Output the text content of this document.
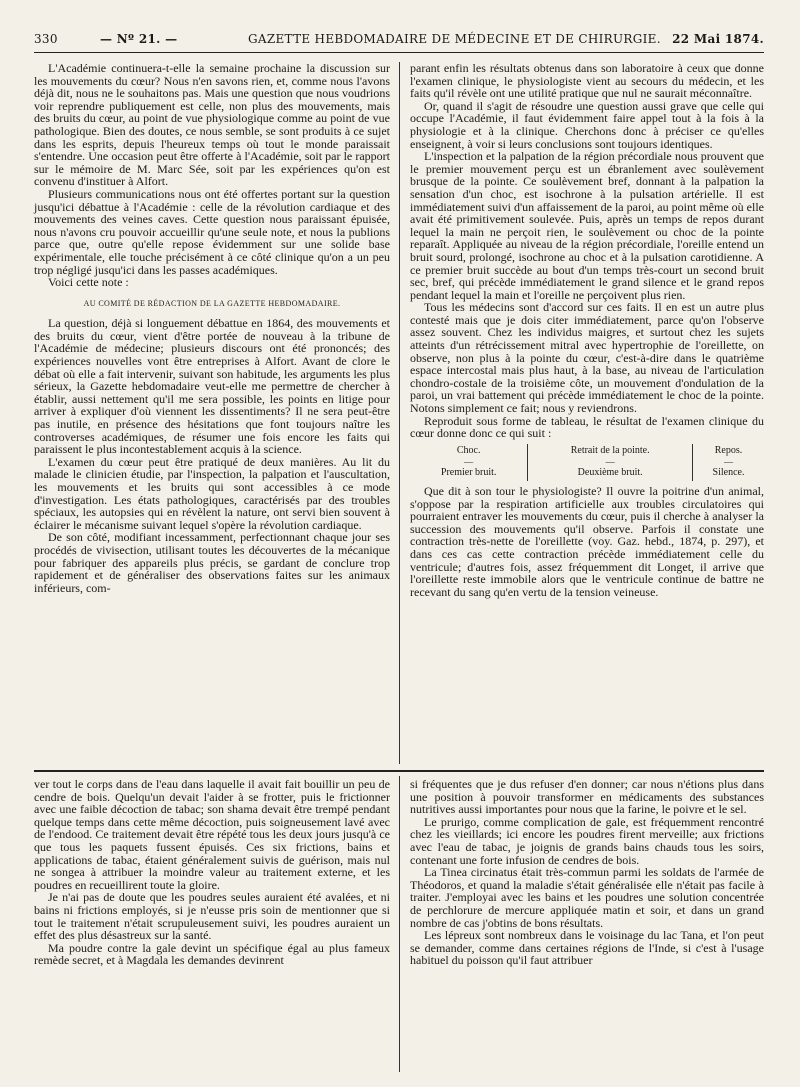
330	— Nº 21. —	GAZETTE HEBDOMADAIRE DE MÉDECINE ET DE CHIRURGIE. 22 Mai 1874.

L'Académie continuera-t-elle la semaine prochaine la discussion sur les mouvements du cœur? Nous n'en savons rien, et, comme nous l'avons déjà dit, nous ne le souhaitons pas. Mais une question que nous voudrions voir reprendre publiquement est celle, non plus des mouvements, mais des bruits du cœur, au point de vue physiologique comme au point de vue pathologique. Bien des doutes, ce nous semble, se sont produits à ce sujet dans les esprits, depuis l'heureux temps où tout le monde paraissait s'entendre. Une occasion peut être offerte à l'Académie, soit par le rapport sur le mémoire de M. Marc Sée, soit par les expériences qu'on est convenu d'instituer à Alfort.

Plusieurs communications nous ont été offertes portant sur la question jusqu'ici débattue à l'Académie : celle de la révolution cardiaque et des mouvements des veines caves. Cette question nous paraissant épuisée, nous n'avons cru pouvoir accueillir qu'une seule note, et nous la publions parce que, outre qu'elle repose évidemment sur une solide base expérimentale, elle touche précisément à ce côté clinique qu'on a un peu trop négligé jusqu'ici dans les passes académiques.

Voici cette note :

AU COMITÉ DE RÉDACTION DE LA GAZETTE HEBDOMADAIRE.

La question, déjà si longuement débattue en 1864, des mouvements et des bruits du cœur, vient d'être portée de nouveau à la tribune de l'Académie de médecine; plusieurs discours ont été prononcés; des expériences nouvelles vont être entreprises à Alfort. Avant de clore le débat où elle a fait intervenir, suivant son habitude, les arguments les plus sérieux, la Gazette hebdomadaire veut-elle me permettre de chercher à établir, aussi nettement qu'il me sera possible, les points en litige pour arriver à expliquer d'où viennent les dissentiments? Il ne sera peut-être pas inutile, en présence des hésitations que font toujours naître les controverses académiques, de résumer une fois encore les faits qui paraissent le plus incontestablement acquis à la science.

L'examen du cœur peut être pratiqué de deux manières. Au lit du malade le clinicien étudie, par l'inspection, la palpation et l'auscultation, les mouvements et les bruits qui sont accessibles à ce mode d'investigation. Les états pathologiques, caractérisés par des troubles spéciaux, les autopsies qui en révèlent la nature, ont servi bien souvent à éclairer le mécanisme suivant lequel s'opère la révolution cardiaque.

De son côté, modifiant incessamment, perfectionnant chaque jour ses procédés de vivisection, utilisant toutes les découvertes de la mécanique pour fabriquer des appareils plus précis, se gardant de conclure trop rapidement et de généraliser des observations faites sur les animaux inférieurs, com-

parant enfin les résultats obtenus dans son laboratoire à ceux que donne l'examen clinique, le physiologiste vient au secours du médecin, et les faits qu'il révèle ont une utilité pratique que nul ne saurait méconnaître.

Or, quand il s'agit de résoudre une question aussi grave que celle qui occupe l'Académie, il faut évidemment faire appel tout à la fois à la physiologie et à la clinique. Cherchons donc à préciser ce qu'elles enseignent, à voir si leurs conclusions sont toujours identiques.

L'inspection et la palpation de la région précordiale nous prouvent que le premier mouvement perçu est un ébranlement avec soulèvement brusque de la pointe. Ce soulèvement bref, donnant à la palpation la sensation d'un choc, est isochrone à la pulsation artérielle. Il est immédiatement suivi d'un affaissement de la paroi, au point même où elle avait été primitivement soulevée. Puis, après un temps de repos durant lequel la main ne perçoit rien, le soulèvement ou choc de la pointe reparaît. Appliquée au niveau de la région précordiale, l'oreille entend un bruit sourd, prolongé, isochrone au choc et à la pulsation carotidienne. A ce premier bruit succède au bout d'un temps très-court un second bruit sec, bref, qui précède immédiatement le grand silence et le grand repos pendant lequel la main et l'oreille ne perçoivent plus rien.

Tous les médecins sont d'accord sur ces faits. Il en est un autre plus contesté mais que je dois citer immédiatement, parce qu'on l'observe assez souvent. Chez les individus maigres, et surtout chez les sujets atteints d'un rétrécissement mitral avec hypertrophie de l'oreillette, on observe, non plus à la pointe du cœur, c'est-à-dire dans le quatrième espace intercostal mais plus haut, à la base, au niveau de l'articulation chondro-costale de la troisième côte, un mouvement d'ondulation de la paroi, un vrai battement qui précède immédiatement le choc de la pointe. Notons simplement ce fait; nous y reviendrons.

Reproduit sous forme de tableau, le résultat de l'examen clinique du cœur donne donc ce qui suit :

Choc.	Retrait de la pointe.	Repos.
—	—	—
Premier bruit.	Deuxième bruit.	Silence.

Que dit à son tour le physiologiste? Il ouvre la poitrine d'un animal, s'oppose par la respiration artificielle aux troubles circulatoires qui pourraient entraver les mouvements du cœur, puis il cherche à analyser la succession des mouvements qu'il observe. Parfois il constate une contraction très-nette de l'oreillette (voy. Gaz. hebd., 1874, p. 297), et dans ces cas cette contraction précède immédiatement celle du ventricule; d'autres fois, assez fréquemment dit Longet, il arrive que l'oreillette reste immobile alors que le ventricule continue de battre ne recevant du sang qu'en vertu de la tension veineuse.

ver tout le corps dans de l'eau dans laquelle il avait fait bouillir un peu de cendre de bois. Quelqu'un devait l'aider à se frotter, puis le frictionner avec une faible décoction de tabac; son shama devait être trempé pendant quelque temps dans cette même décoction, puis soigneusement lavé avec de l'endood. Ce traitement devait être répété tous les deux jours jusqu'à ce que tous les paquets fussent épuisés. Ces six frictions, bains et applications de tabac, étaient généralement suivis de guérison, mais nul ne songea à attribuer la moindre valeur au traitement externe, et les poudres en recueillirent toute la gloire.

Je n'ai pas de doute que les poudres seules auraient été avalées, et ni bains ni frictions employés, si je n'eusse pris soin de mentionner que si tout le traitement n'était scrupuleusement suivi, les poudres auraient un effet des plus désastreux sur la santé.

Ma poudre contre la gale devint un spécifique égal au plus fameux remède secret, et à Magdala les demandes devinrent

si fréquentes que je dus refuser d'en donner; car nous n'étions plus dans une position à pouvoir transformer en médicaments des substances nutritives aussi importantes pour nous que la farine, le poivre et le sel.

Le prurigo, comme complication de gale, est fréquemment rencontré chez les vieillards; ici encore les poudres firent merveille; aux frictions avec l'eau de tabac, je joignis de grands bains chauds tous les soirs, contenant une forte infusion de cendres de bois.

La Tinea circinatus était très-commun parmi les soldats de l'armée de Théodoros, et quand la maladie s'était généralisée elle n'était pas facile à traiter. J'employai avec les bains et les poudres une solution concentrée de perchlorure de mercure appliquée matin et soir, et dans un grand nombre de cas j'obtins de bons résultats.

Les lépreux sont nombreux dans le voisinage du lac Tana, et l'on peut se demander, comme dans certaines régions de l'Inde, si c'est à l'usage habituel du poisson qu'il faut attribuer
